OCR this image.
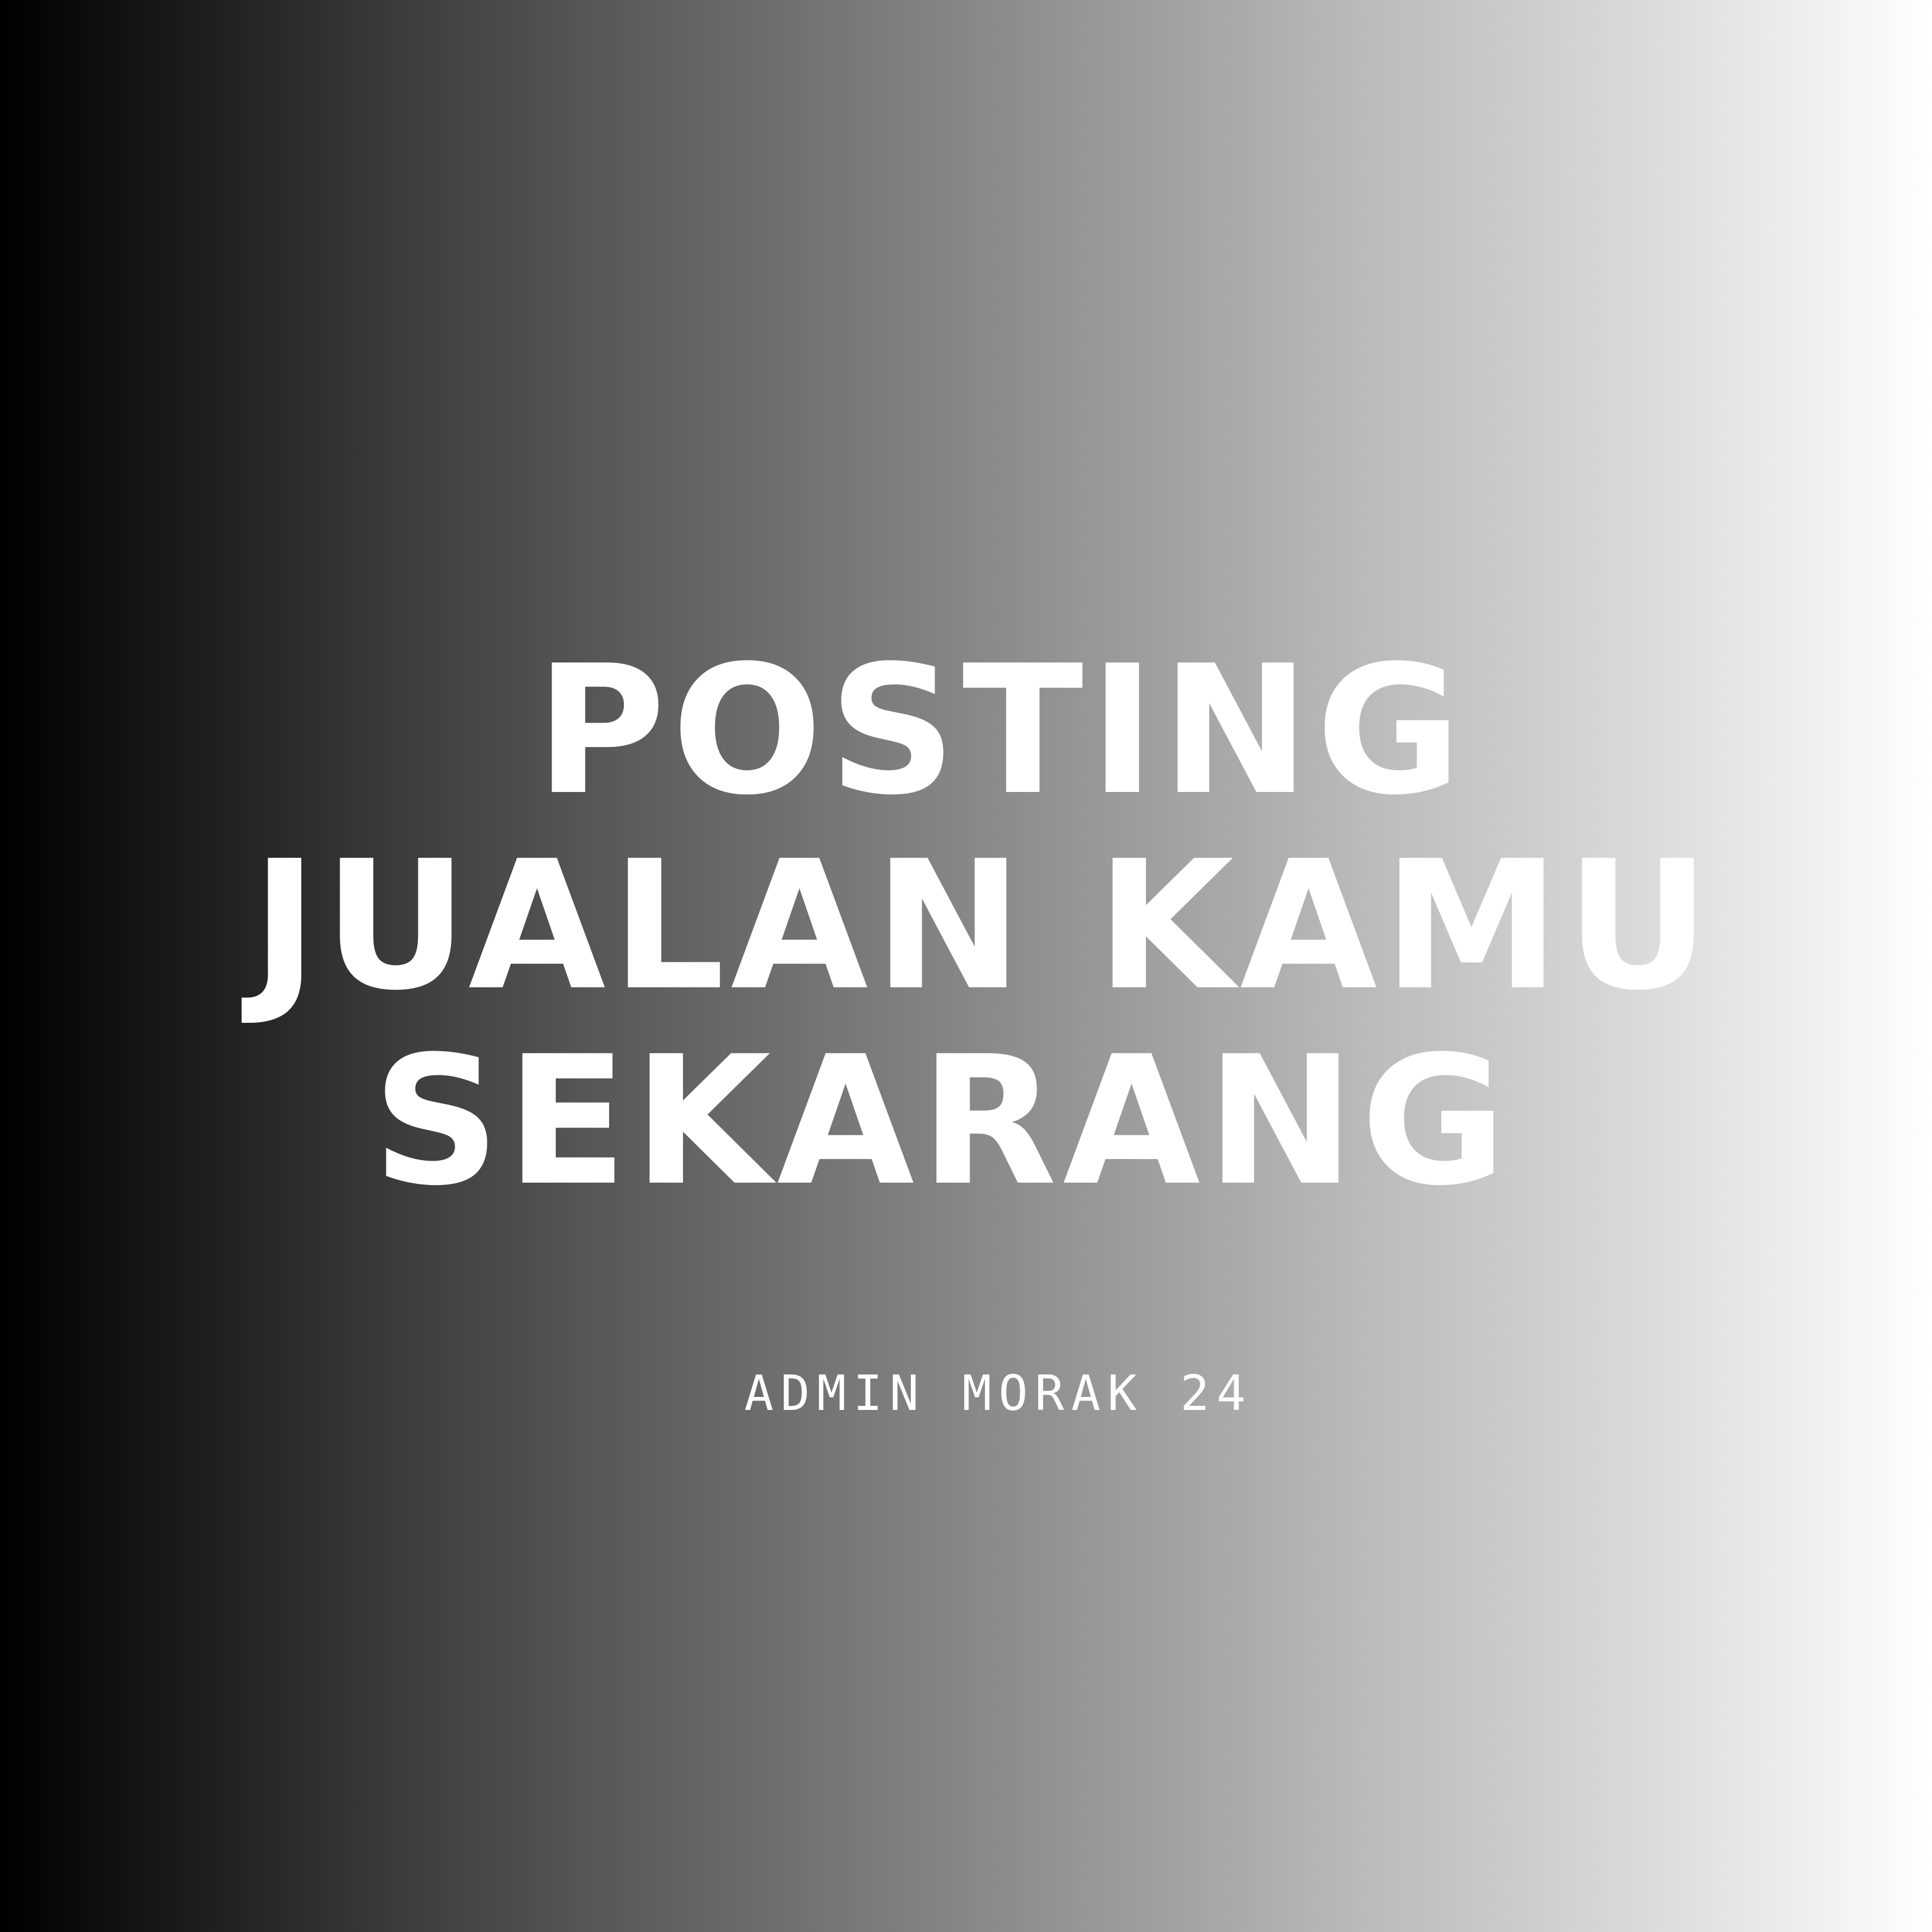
POSTING
JUALAN KAMU
SEKARANG
ADMIN MORAK 24
